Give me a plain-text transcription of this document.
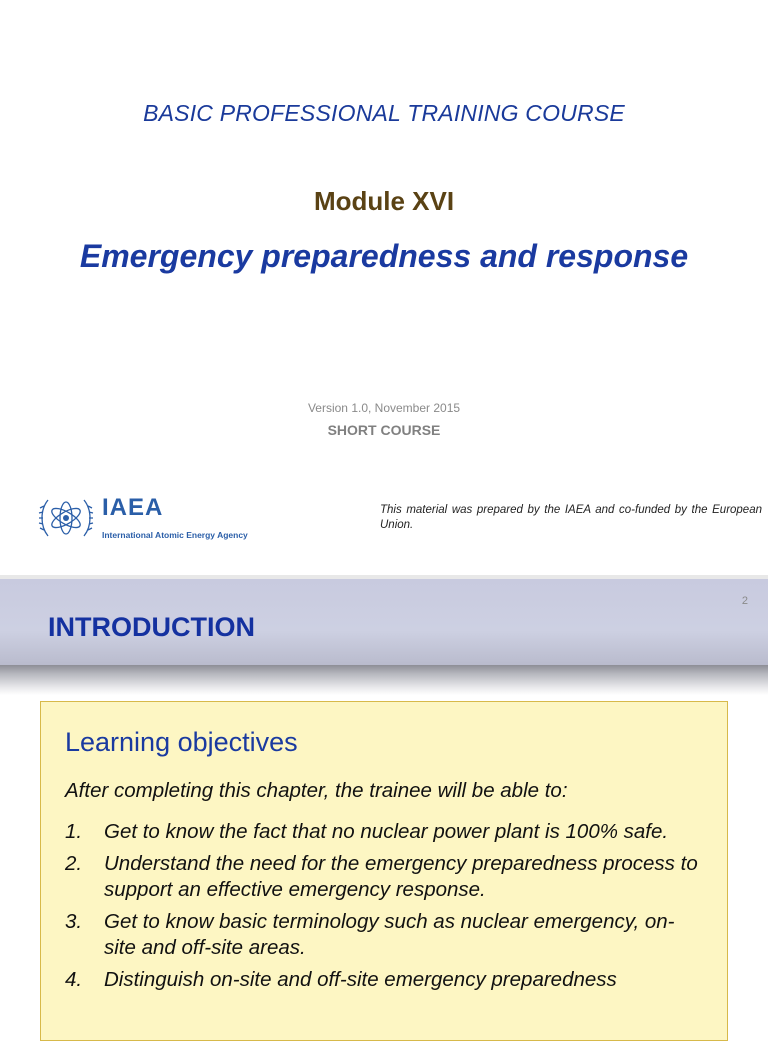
BASIC PROFESSIONAL TRAINING COURSE
Module XVI
Emergency preparedness and response
Version 1.0, November 2015
SHORT COURSE
IAEA
International Atomic Energy Agency
This material was prepared by the IAEA and co-funded by the European Union.
2
INTRODUCTION
Learning objectives
After completing this chapter, the trainee will be able to:
1. Get to know the fact that no nuclear power plant is 100% safe.
2. Understand the need for the emergency preparedness process to support an effective emergency response.
3. Get to know basic terminology such as nuclear emergency, on-site and off-site areas.
4. Distinguish on-site and off-site emergency preparedness
